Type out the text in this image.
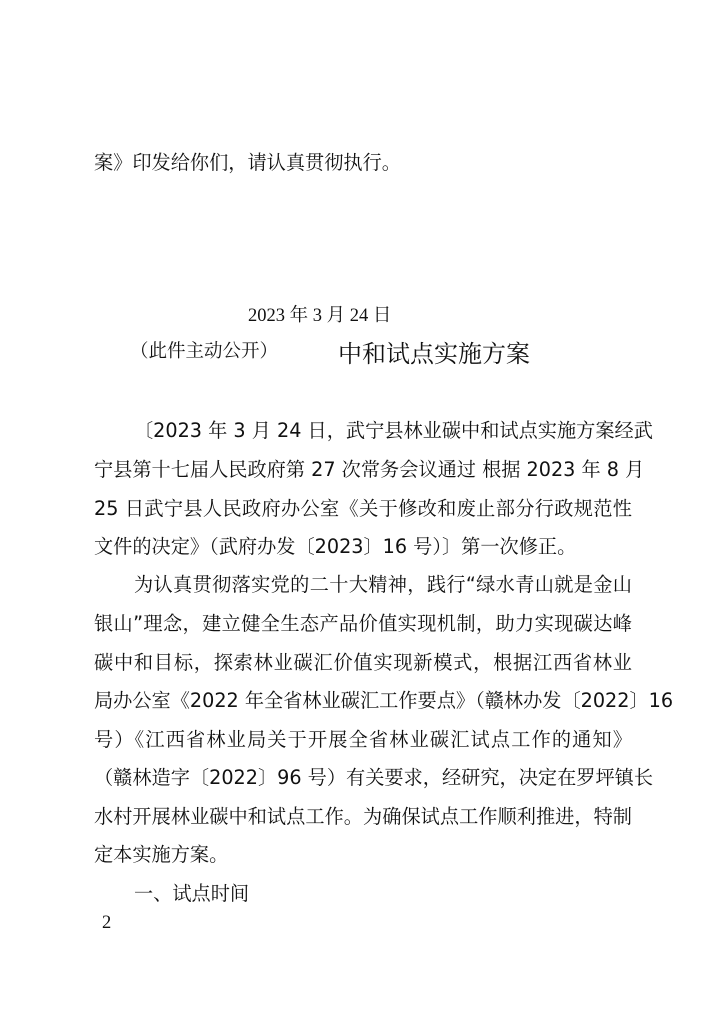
案》印发给你们，请认真贯彻执行。
2023 年 3 月 24 日
（此件主动公开） 中和试点实施方案
〔2023 年 3 月 24 日，武宁县林业碳中和试点实施方案经武
宁县第十七届人民政府第 27 次常务会议通过 根据 2023 年 8 月
25 日武宁县人民政府办公室《关于修改和废止部分行政规范性
文件的决定》（武府办发〔2023〕16 号）〕第一次修正。
为认真贯彻落实党的二十大精神，践行“绿水青山就是金山
银山”理念，建立健全生态产品价值实现机制，助力实现碳达峰
碳中和目标，探索林业碳汇价值实现新模式，根据江西省林业
局办公室《2022 年全省林业碳汇工作要点》（赣林办发〔2022〕16
号）《江西省林业局关于开展全省林业碳汇试点工作的通知》
（赣林造字〔2022〕96 号）有关要求，经研究，决定在罗坪镇长
水村开展林业碳中和试点工作。为确保试点工作顺利推进，特制
定本实施方案。
一、试点时间
2
